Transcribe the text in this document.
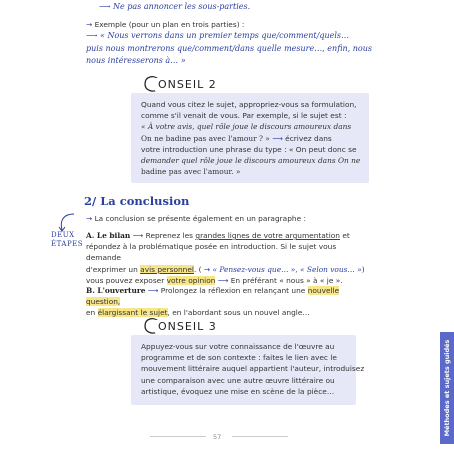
⟶ Ne pas annoncer les sous-parties.
→ Exemple (pour un plan en trois parties) :
⟶ « Nous verrons dans un premier temps que/comment/quels…
puis nous montrerons que/comment/dans quelle mesure…, enfin, nous
nous intéresserons à… »
ONSEIL 2
Quand vous citez le sujet, appropriez-vous sa formulation,
comme s'il venait de vous. Par exemple, si le sujet est :
« À votre avis, quel rôle joue le discours amoureux dans
On ne badine pas avec l'amour ? » ⟶ écrivez dans
votre introduction une phrase du type : « On peut donc se
demander quel rôle joue le discours amoureux dans On ne
badine pas avec l'amour. »
2/ La conclusion
→ La conclusion se présente également en un paragraphe :
DEUX
ÉTAPES
A. Le bilan ⟶ Reprenez les grandes lignes de votre argumentation et
répondez à la problématique posée en introduction. Si le sujet vous demande
d'exprimer un avis personnel. ( → « Pensez-vous que… », « Selon vous… »)
vous pouvez exposer votre opinion ⟶ En préférant « nous » à « je ».
B. L'ouverture ⟶ Prolongez la réflexion en relançant une nouvelle question,
en élargissant le sujet, en l'abordant sous un nouvel angle…
ONSEIL 3
Appuyez-vous sur votre connaissance de l'œuvre au
programme et de son contexte : faites le lien avec le
mouvement littéraire auquel appartient l'auteur, introduisez
une comparaison avec une autre œuvre littéraire ou
artistique, évoquez une mise en scène de la pièce…
57
Méthodes et sujets guidés
